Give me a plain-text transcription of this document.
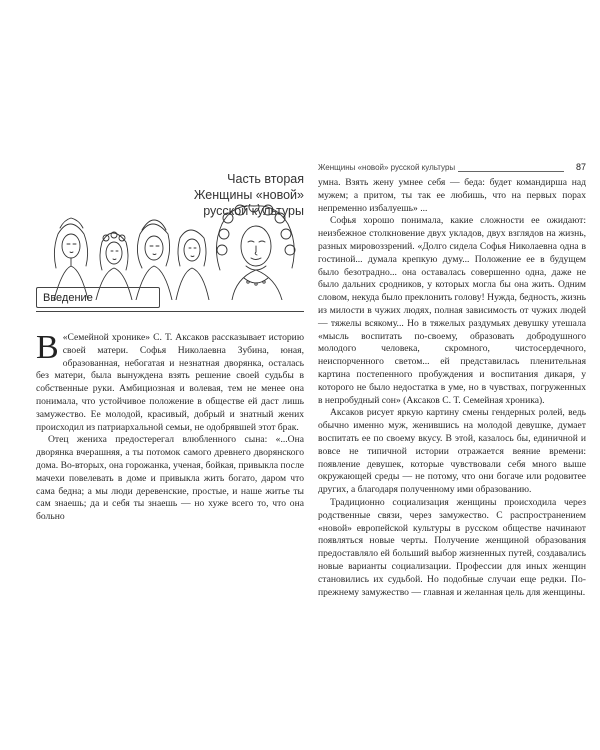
Часть вторая
Женщины «новой» русской культуры
Введение

В «Семейной хронике» С. Т. Аксаков рассказывает историю своей матери. Софья Николаевна Зубина, юная, образованная, небогатая и незнатная дворянка, осталась без матери, была вынуждена взять решение своей судьбы в собственные руки. Амбициозная и волевая, тем не менее она понимала, что устойчивое положение в обществе ей даст лишь замужество. Ее молодой, красивый, добрый и знатный жених происходил из патриархальной семьи, не одобрявшей этот брак.

Отец жениха предостерегал влюбленного сына: «...Она дворянка вчерашняя, а ты потомок самого древнего дворянского дома. Во-вторых, она горожанка, ученая, бойкая, привыкла после мачехи повелевать в доме и привыкла жить богато, даром что сама бедна; а мы люди деревенские, простые, и наше житье ты сам знаешь; да и себя ты знаешь — но хуже всего то, что она больно

Женщины «новой» русской культуры	87

умна. Взять жену умнее себя — беда: будет командирша над мужем; а притом, ты так ее любишь, что на первых порах непременно избалуешь» ...

Софья хорошо понимала, какие сложности ее ожидают: неизбежное столкновение двух укладов, двух взглядов на жизнь, разных мировоззрений. «Долго сидела Софья Николаевна одна в гостиной... думала крепкую думу... Положение ее в будущем было безотрадно... она оставалась совершенно одна, даже не было дальних сродников, у которых могла бы она жить. Одним словом, некуда было преклонить голову! Нужда, бедность, жизнь из милости в чужих людях, полная зависимость от чужих людей — тяжелы всякому... Но в тяжелых раздумьях девушку утешала «мысль воспитать по-своему, образовать добродушного молодого человека, скромного, чистосердечного, неиспорченного светом... ей представилась пленительная картина постепенного пробуждения и воспитания дикаря, у которого не было недостатка в уме, но в чувствах, погруженных в непробудный сон» (Аксаков С. Т. Семейная хроника).

Аксаков рисует яркую картину смены гендерных ролей, ведь обычно именно муж, женившись на молодой девушке, думает воспитать ее по своему вкусу. В этой, казалось бы, единичной и вовсе не типичной истории отражается веяние времени: появление девушек, которые чувствовали себя много выше окружающей среды — не потому, что они богаче или родовитее других, а благодаря полученному ими образованию.

Традиционно социализация женщины происходила через родственные связи, через замужество. С распространением «новой» европейской культуры в русском обществе начинают появляться новые черты. Получение женщиной образования предоставляло ей больший выбор жизненных путей, создавались новые варианты социализации. Профессии для иных женщин становились их судьбой. Но подобные случаи еще редки. По-прежнему замужество — главная и желанная цель для женщины.
